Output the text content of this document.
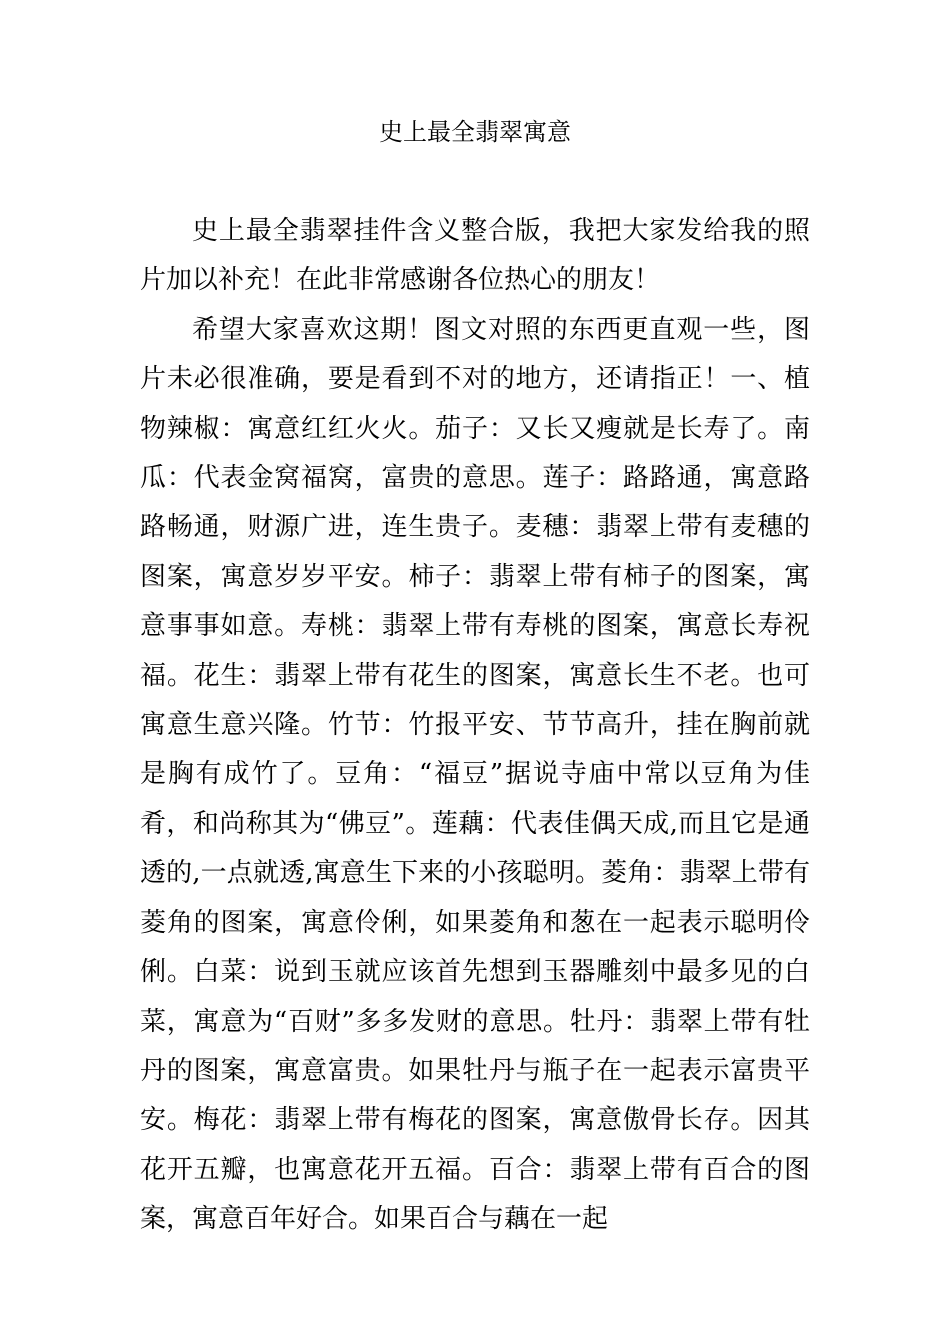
史上最全翡翠寓意

史上最全翡翠挂件含义整合版，我把大家发给我的照片加以补充！在此非常感谢各位热心的朋友！

希望大家喜欢这期！图文对照的东西更直观一些，图片未必很准确，要是看到不对的地方，还请指正！一、植物辣椒：寓意红红火火。茄子：又长又瘦就是长寿了。南瓜：代表金窝福窝，富贵的意思。莲子：路路通，寓意路路畅通，财源广进，连生贵子。麦穗：翡翠上带有麦穗的图案，寓意岁岁平安。柿子：翡翠上带有柿子的图案，寓意事事如意。寿桃：翡翠上带有寿桃的图案，寓意长寿祝福。花生：翡翠上带有花生的图案，寓意长生不老。也可寓意生意兴隆。竹节：竹报平安、节节高升，挂在胸前就是胸有成竹了。豆角：“福豆”据说寺庙中常以豆角为佳肴，和尚称其为“佛豆”。莲藕：代表佳偶天成,而且它是通透的,一点就透,寓意生下来的小孩聪明。菱角：翡翠上带有菱角的图案，寓意伶俐，如果菱角和葱在一起表示聪明伶俐。白菜：说到玉就应该首先想到玉器雕刻中最多见的白菜，寓意为“百财”多多发财的意思。牡丹：翡翠上带有牡丹的图案，寓意富贵。如果牡丹与瓶子在一起表示富贵平安。梅花：翡翠上带有梅花的图案，寓意傲骨长存。因其花开五瓣，也寓意花开五福。百合：翡翠上带有百合的图案，寓意百年好合。如果百合与藕在一起
